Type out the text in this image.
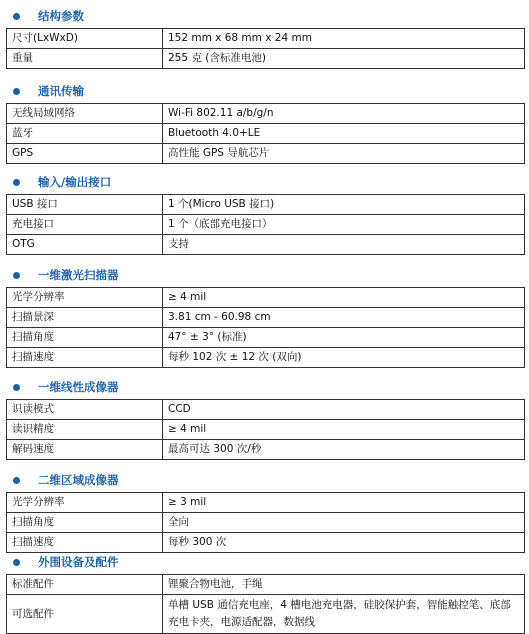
结构参数
尺寸(LxWxD)	152 mm x 68 mm x 24 mm
重量	255 克 (含标准电池)
通讯传输
无线局域网络	Wi-Fi 802.11 a/b/g/n
蓝牙	Bluetooth 4.0+LE
GPS	高性能 GPS 导航芯片
输入/输出接口
USB 接口	1 个(Micro USB 接口)
充电接口	1 个（底部充电接口）
OTG	支持
一维激光扫描器
光学分辨率	≥ 4 mil
扫描景深	3.81 cm - 60.98 cm
扫描角度	47° ± 3° (标准)
扫描速度	每秒 102 次 ± 12 次 (双向)
一维线性成像器
识读模式	CCD
读识精度	≥ 4 mil
解码速度	最高可达 300 次/秒
二维区域成像器
光学分辨率	≥ 3 mil
扫描角度	全向
扫描速度	每秒 300 次
外围设备及配件
标准配件	锂聚合物电池，手绳
可选配件	单槽 USB 通信充电座，4 槽电池充电器，硅胶保护套，智能触控笔、底部充电卡夹，电源适配器，数据线
